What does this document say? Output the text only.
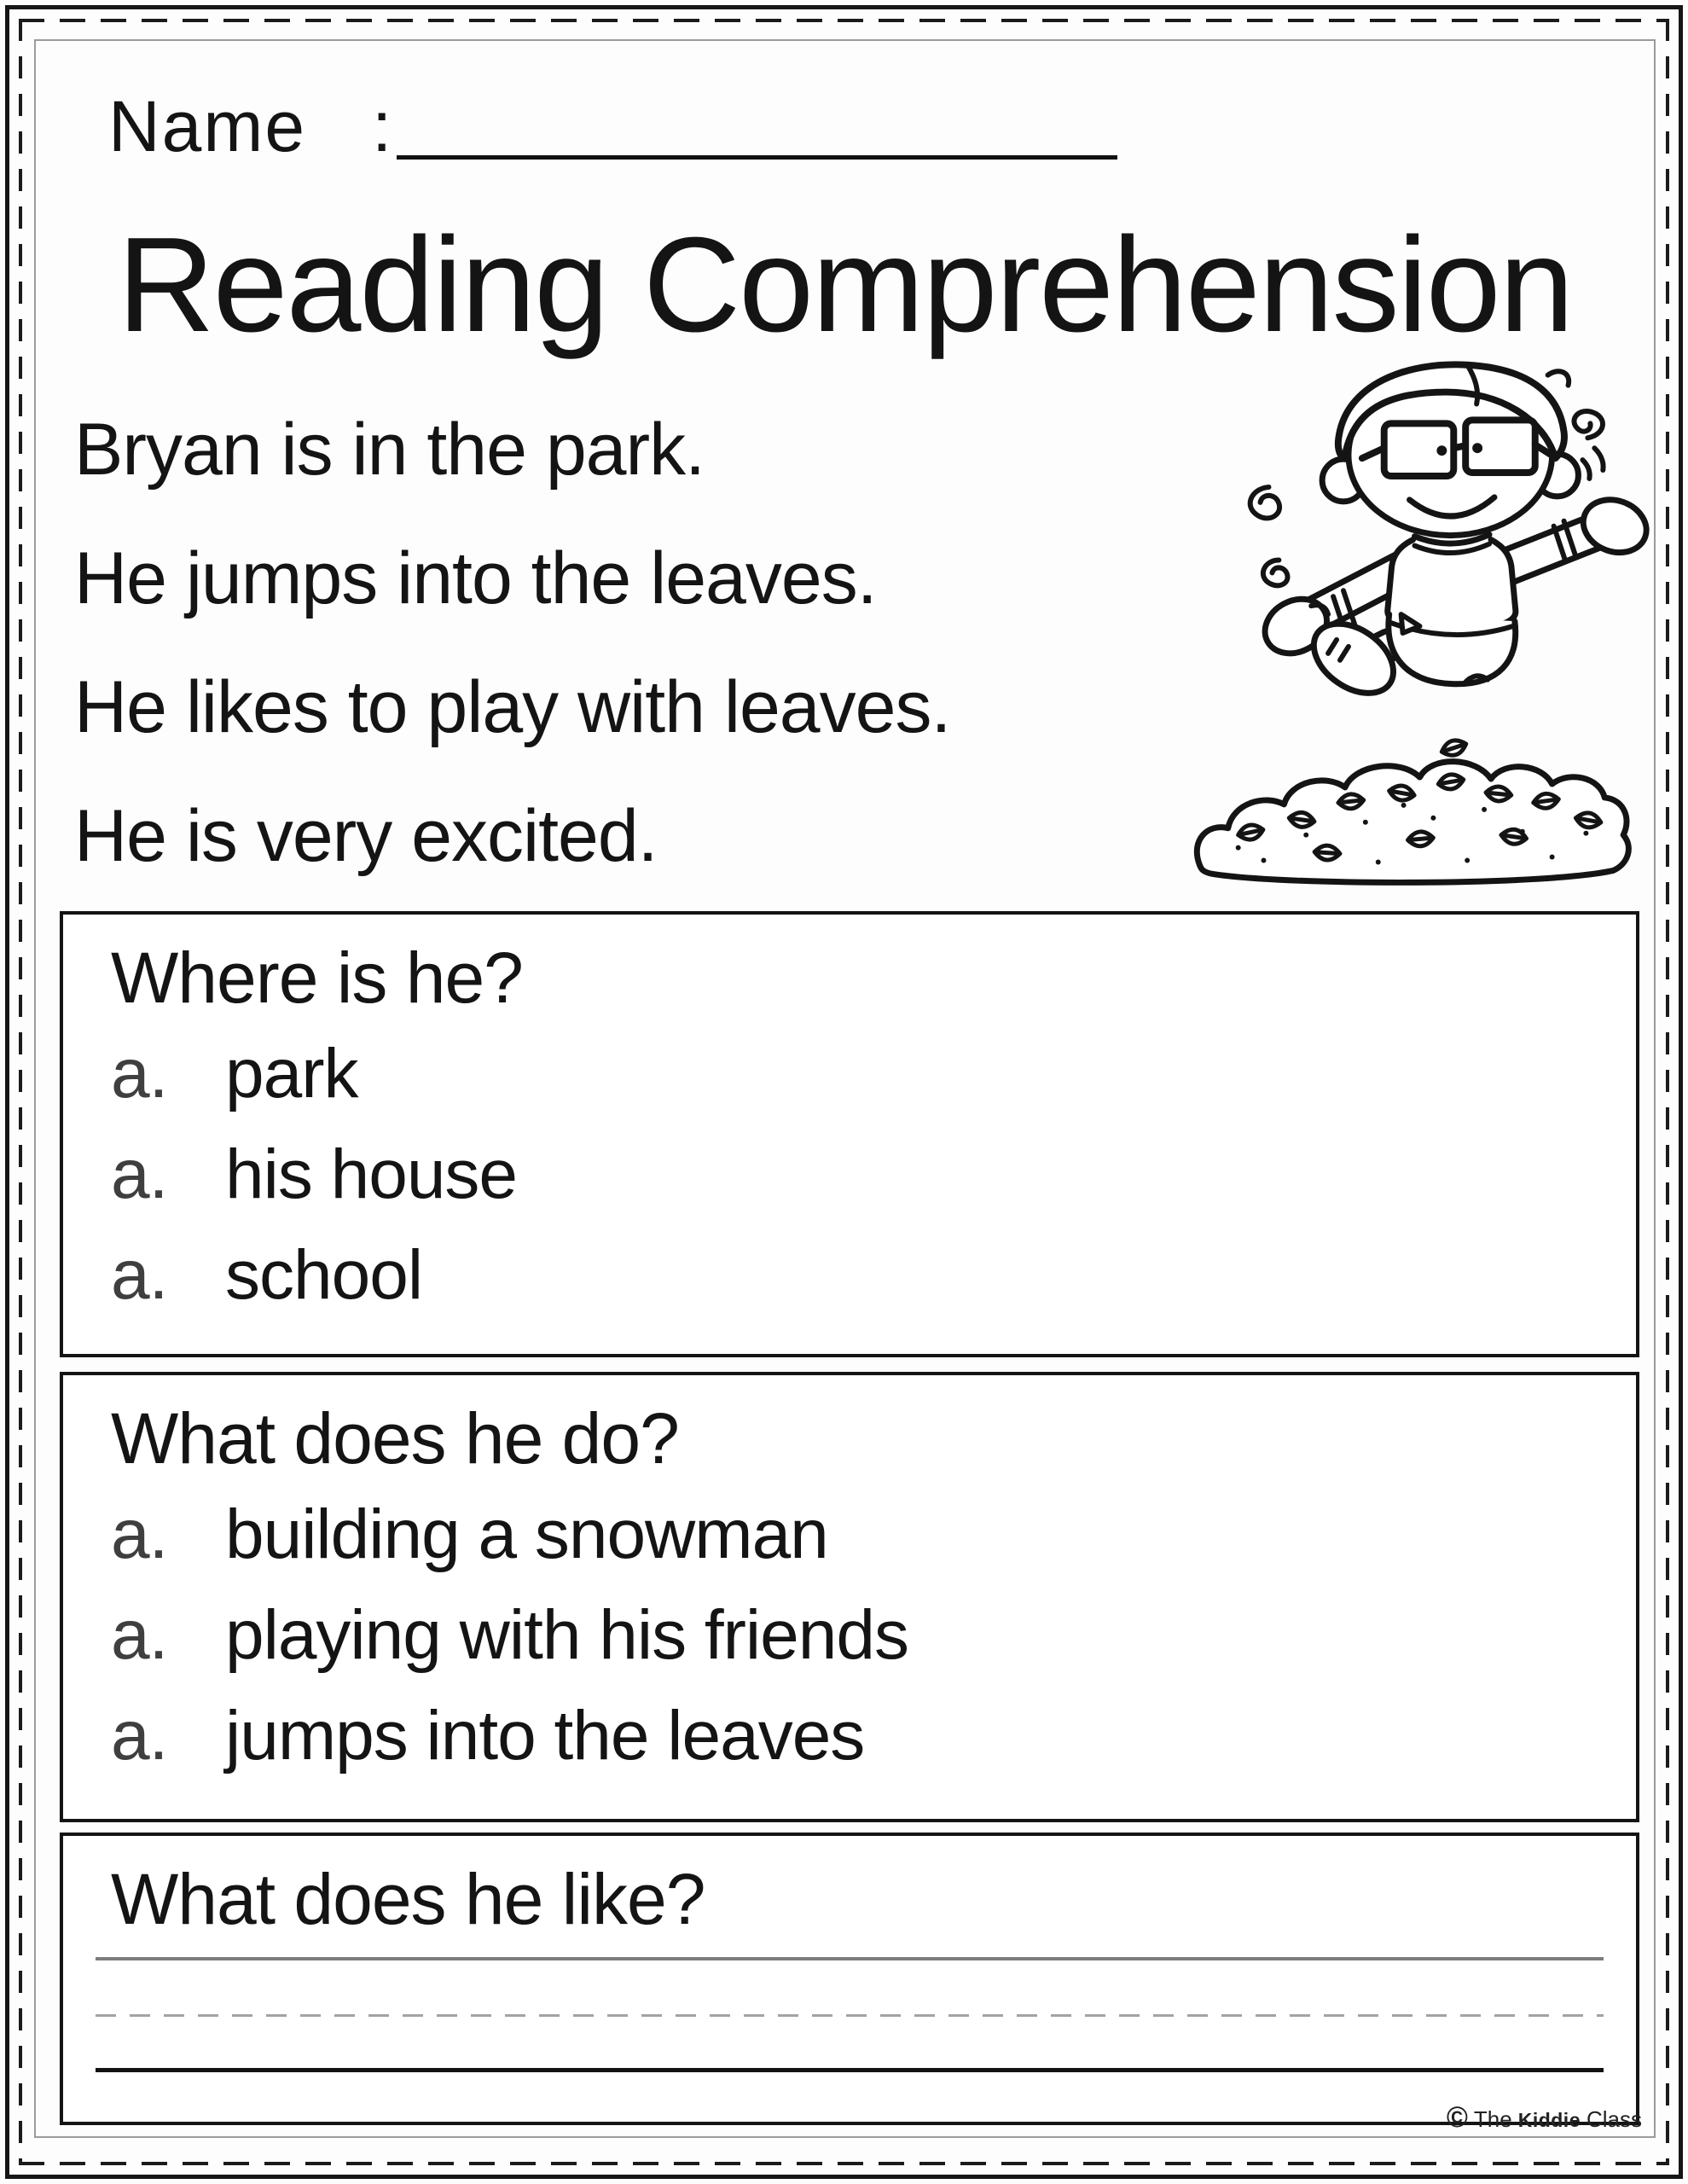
Name :
Reading Comprehension
Bryan is in the park.
He jumps into the leaves.
He likes to play with leaves.
He is very excited.
Where is he?
a. park
a. his house
a. school
What does he do?
a. building a snowman
a. playing with his friends
a. jumps into the leaves
What does he like?
© The Kiddie Class
